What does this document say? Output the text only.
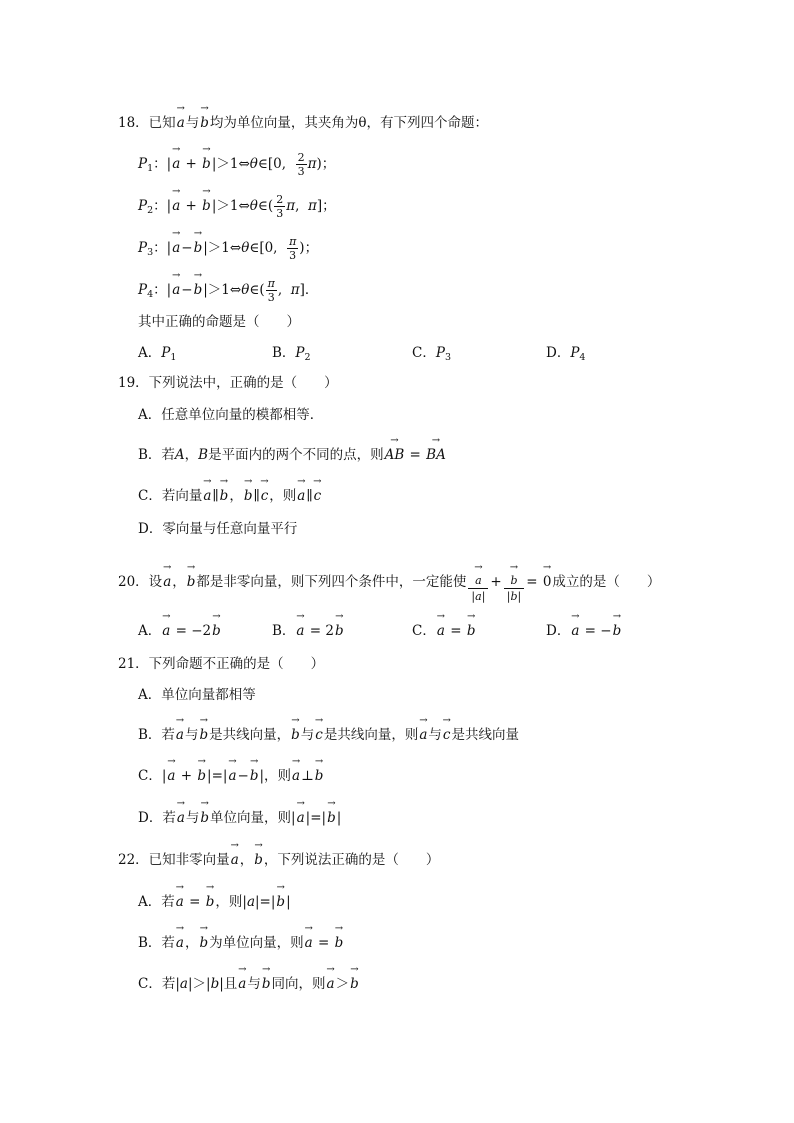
18．已知→ a与→ b均为单位向量，其夹角为θ，有下列四个命题：
$P_1$：|→ a + → b|＞1⇔θ∈[0, $\frac{2}{3} \pi$)；
$P_2$：|→ a + → b|＞1⇔θ∈( $\frac{2}{3} \pi$,  π]；
$P_3$：|→ a−→ b|＞1⇔θ∈[0, $\frac{\pi}{3}$ )；
$P_4$：|→ a−→ b|＞1⇔θ∈( $\frac{\pi}{3}$ ,  π]．
其中正确的命题是（　　）
A．$P_1$	B．$P_2$	C．$P_3$	D．$P_4$
19．下列说法中，正确的是（　　）
A．任意单位向量的模都相等．
B．若A，B是平面内的两个不同的点，则→ AB = → BA
C．若向量→ a∥→ b，→ b∥→ c，则→ a∥→ c
D．零向量与任意向量平行
20．设→ a，→ b都是非零向量，则下列四个条件中，一定能使 → $\frac{a}{|a|}$ + → $\frac{b}{|b|}$ = → 0成立的是（　　）
A．→ a = −2→ b	B．→ a = 2→ b	C．→ a = → b	D．→ a = −→ b
21．下列命题不正确的是（　　）
A．单位向量都相等
B．若→ a与→ b是共线向量，→ b与→ c是共线向量，则→ a与→ c是共线向量
C．|→ a + → b|=|→ a−→ b|，则→ a⊥→ b
D．若→ a与→ b单位向量，则|→ a|=|→ b|
22．已知非零向量→ a，→ b，下列说法正确的是（　　）
A．若→ a = → b，则|a|=|→ b|
B．若→ a，→ b为单位向量，则→ a = → b
C．若|a|＞|b|且→ a与→ b同向，则→ a＞→ b
